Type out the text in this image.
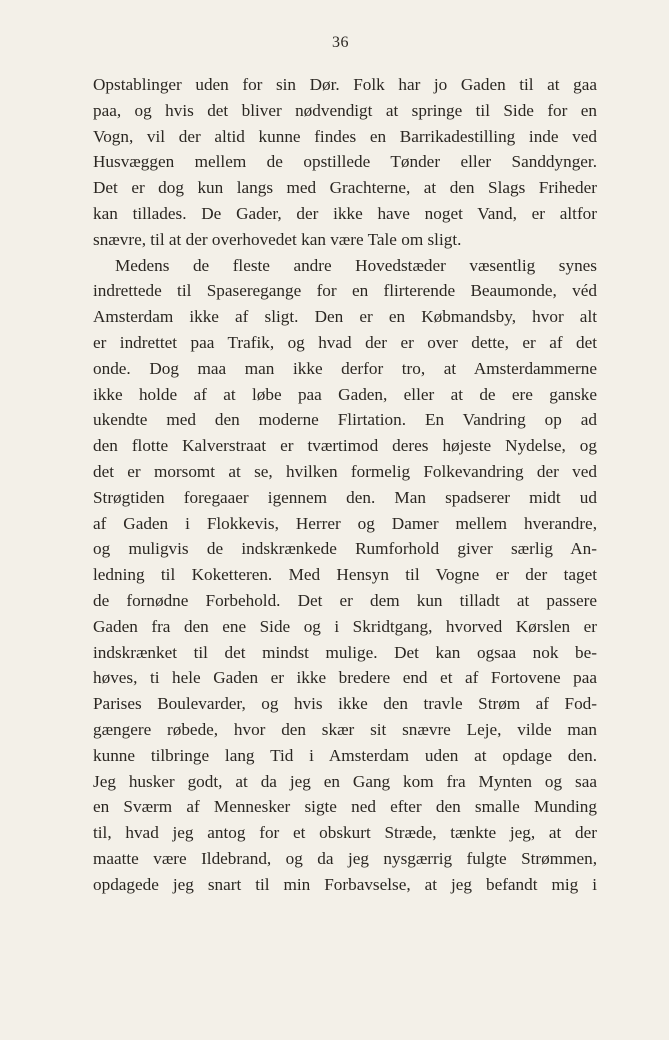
36
Opstablinger uden for sin Dør. Folk har jo Gaden til at gaa
paa, og hvis det bliver nødvendigt at springe til Side for en
Vogn, vil der altid kunne findes en Barrikadestilling inde ved
Husvæggen mellem de opstillede Tønder eller Sanddynger.
Det er dog kun langs med Grachterne, at den Slags Friheder
kan tillades. De Gader, der ikke have noget Vand, er altfor
snævre, til at der overhovedet kan være Tale om sligt.
Medens de fleste andre Hovedstæder væsentlig synes
indrettede til Spaseregange for en flirterende Beaumonde, véd
Amsterdam ikke af sligt. Den er en Købmandsby, hvor alt
er indrettet paa Trafik, og hvad der er over dette, er af det
onde. Dog maa man ikke derfor tro, at Amsterdammerne
ikke holde af at løbe paa Gaden, eller at de ere ganske
ukendte med den moderne Flirtation. En Vandring op ad
den flotte Kalverstraat er tværtimod deres højeste Nydelse, og
det er morsomt at se, hvilken formelig Folkevandring der ved
Strøgtiden foregaaer igennem den. Man spadserer midt ud
af Gaden i Flokkevis, Herrer og Damer mellem hverandre,
og muligvis de indskrænkede Rumforhold giver særlig An-
ledning til Koketteren. Med Hensyn til Vogne er der taget
de fornødne Forbehold. Det er dem kun tilladt at passere
Gaden fra den ene Side og i Skridtgang, hvorved Kørslen er
indskrænket til det mindst mulige. Det kan ogsaa nok be-
høves, ti hele Gaden er ikke bredere end et af Fortovene paa
Parises Boulevarder, og hvis ikke den travle Strøm af Fod-
gængere røbede, hvor den skær sit snævre Leje, vilde man
kunne tilbringe lang Tid i Amsterdam uden at opdage den.
Jeg husker godt, at da jeg en Gang kom fra Mynten og saa
en Sværm af Mennesker sigte ned efter den smalle Munding
til, hvad jeg antog for et obskurt Stræde, tænkte jeg, at der
maatte være Ildebrand, og da jeg nysgærrig fulgte Strømmen,
opdagede jeg snart til min Forbavselse, at jeg befandt mig i
